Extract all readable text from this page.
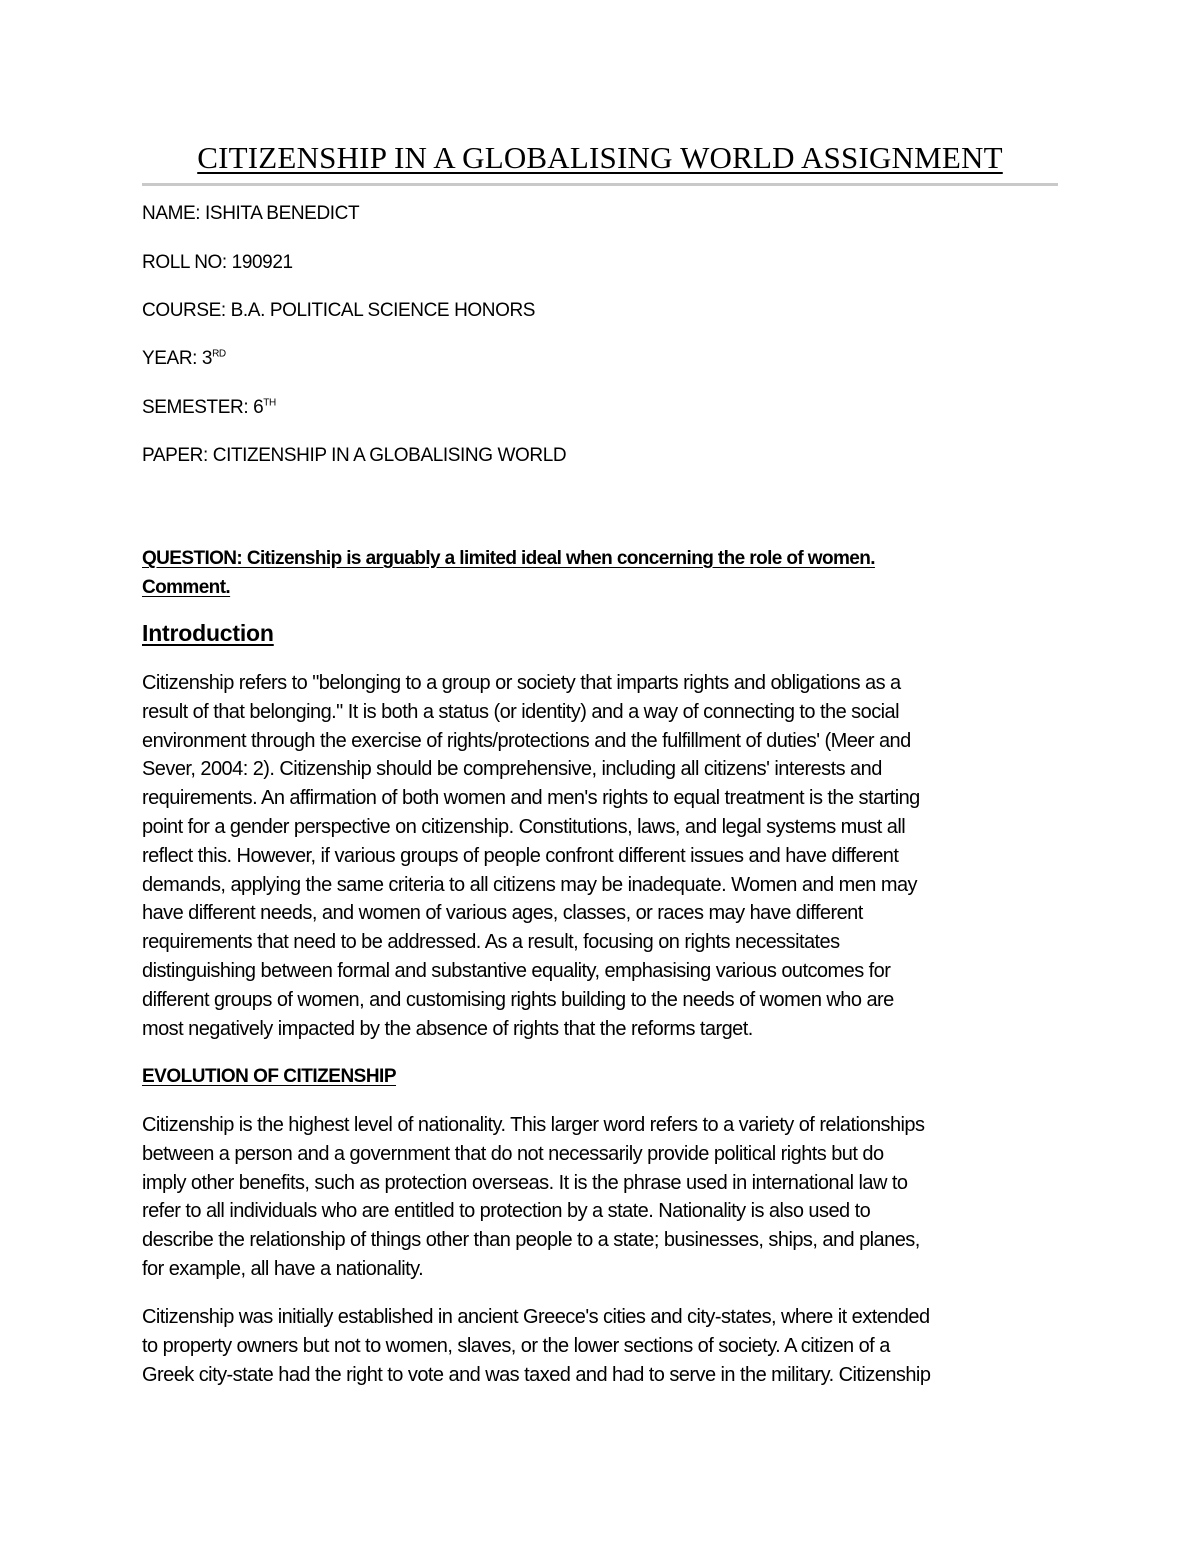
CITIZENSHIP IN A GLOBALISING WORLD ASSIGNMENT
NAME: ISHITA BENEDICT
ROLL NO: 190921
COURSE: B.A. POLITICAL SCIENCE HONORS
YEAR: 3RD
SEMESTER: 6TH
PAPER: CITIZENSHIP IN A GLOBALISING WORLD
QUESTION: Citizenship is arguably a limited ideal when concerning the role of women.
Comment.
Introduction
Citizenship refers to "belonging to a group or society that imparts rights and obligations as a
result of that belonging." It is both a status (or identity) and a way of connecting to the social
environment through the exercise of rights/protections and the fulfillment of duties' (Meer and
Sever, 2004: 2). Citizenship should be comprehensive, including all citizens' interests and
requirements. An affirmation of both women and men's rights to equal treatment is the starting
point for a gender perspective on citizenship. Constitutions, laws, and legal systems must all
reflect this. However, if various groups of people confront different issues and have different
demands, applying the same criteria to all citizens may be inadequate. Women and men may
have different needs, and women of various ages, classes, or races may have different
requirements that need to be addressed. As a result, focusing on rights necessitates
distinguishing between formal and substantive equality, emphasising various outcomes for
different groups of women, and customising rights building to the needs of women who are
most negatively impacted by the absence of rights that the reforms target.
EVOLUTION OF CITIZENSHIP
Citizenship is the highest level of nationality. This larger word refers to a variety of relationships
between a person and a government that do not necessarily provide political rights but do
imply other benefits, such as protection overseas. It is the phrase used in international law to
refer to all individuals who are entitled to protection by a state. Nationality is also used to
describe the relationship of things other than people to a state; businesses, ships, and planes,
for example, all have a nationality.
Citizenship was initially established in ancient Greece's cities and city-states, where it extended
to property owners but not to women, slaves, or the lower sections of society. A citizen of a
Greek city-state had the right to vote and was taxed and had to serve in the military. Citizenship
